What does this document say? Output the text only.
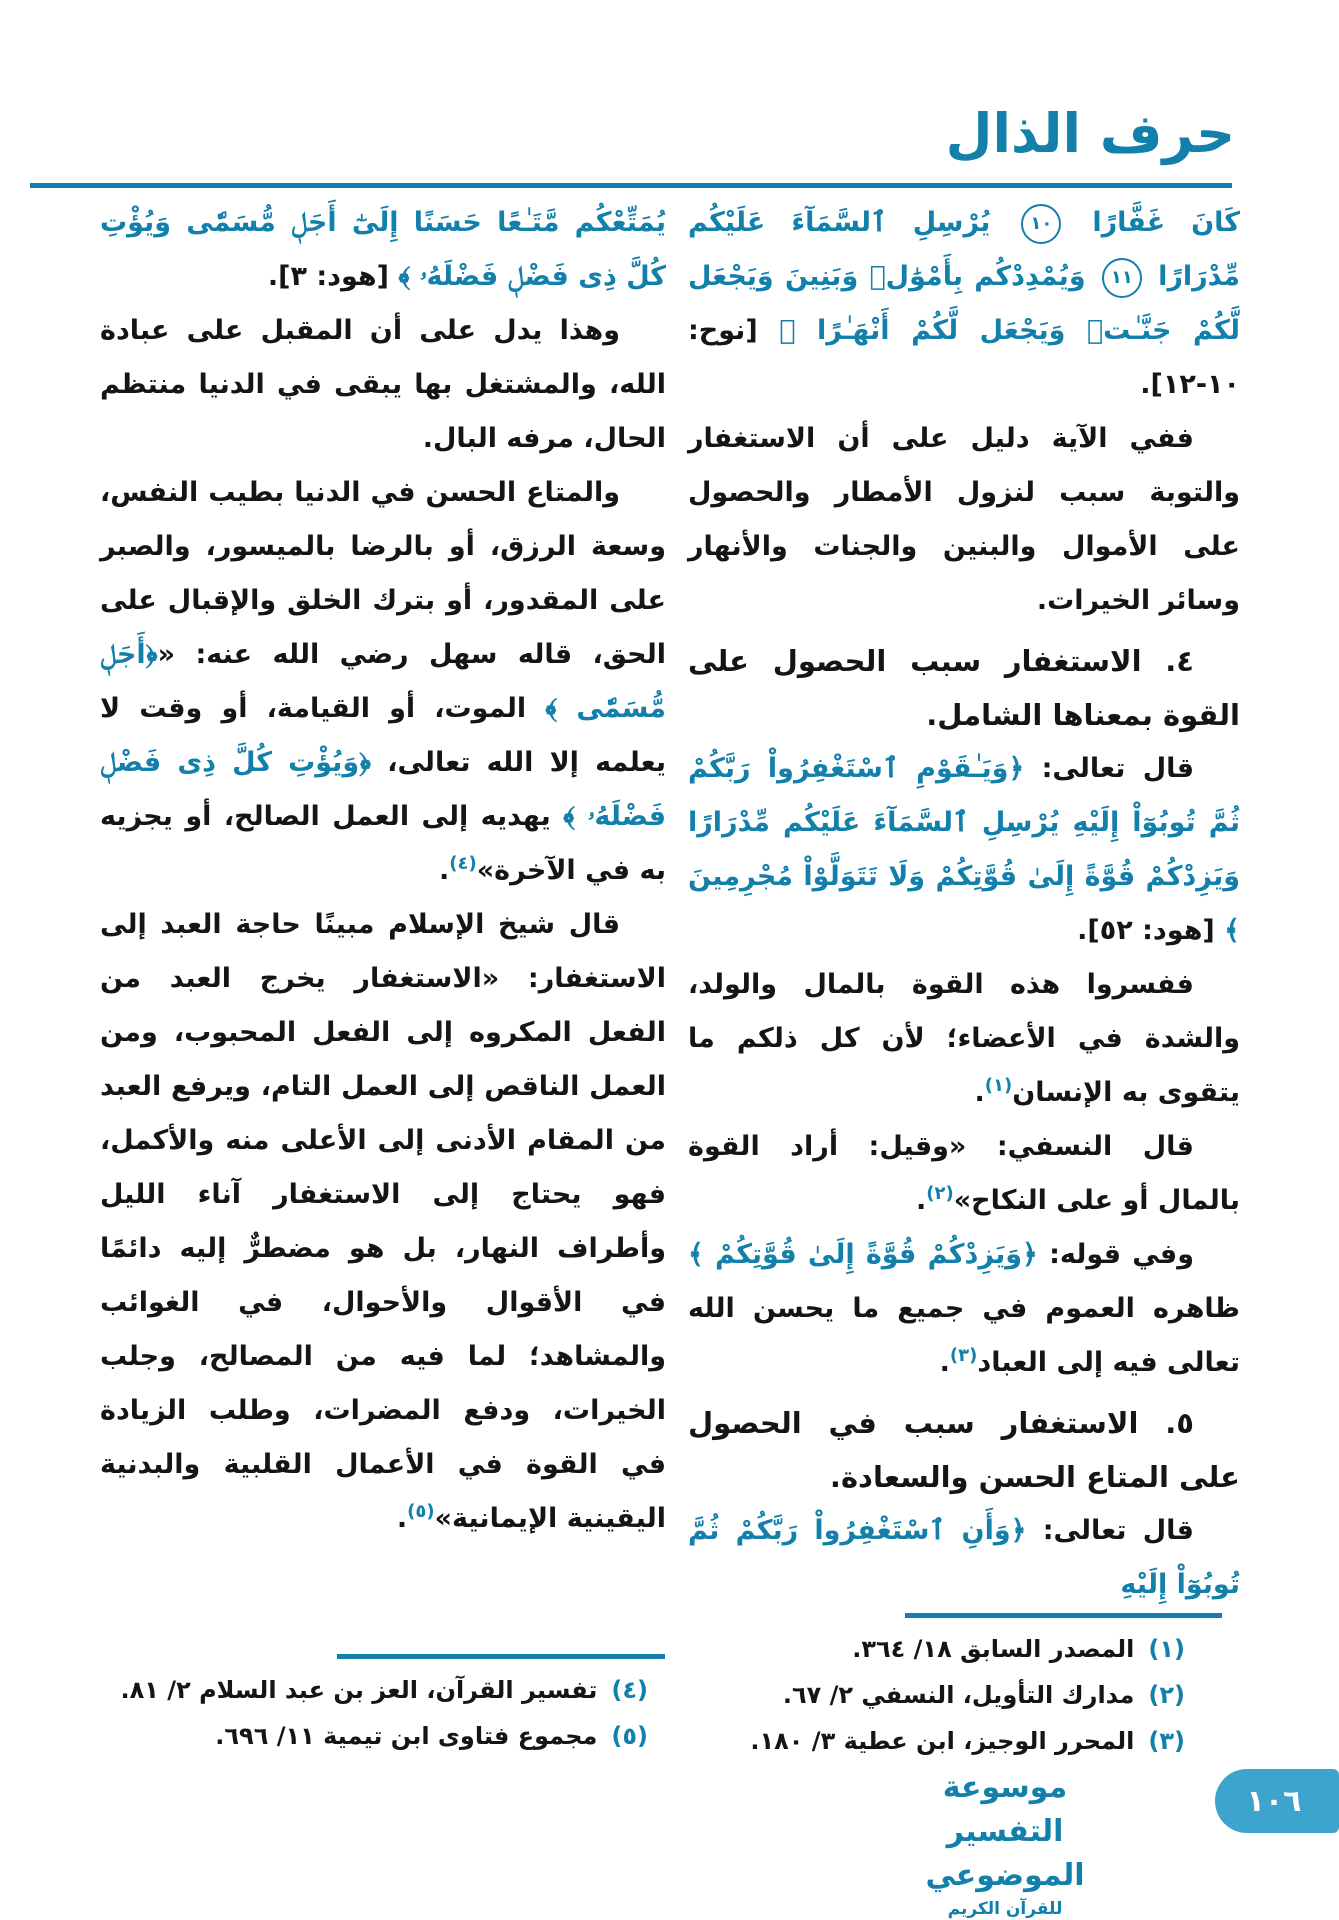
حرف الذال

كَانَ غَفَّارًا ١٠ يُرْسِلِ ٱلسَّمَآءَ عَلَيْكُم مِّدْرَارًا ١١ وَيُمْدِدْكُم بِأَمْوَٰلٖ وَبَنِينَ وَيَجْعَل لَّكُمْ جَنَّـٰتٖ وَيَجْعَل لَّكُمْ أَنْهَـٰرًا ﴾ [نوح: ١٠-١٢].

ففي الآية دليل على أن الاستغفار والتوبة سبب لنزول الأمطار والحصول على الأموال والبنين والجنات والأنهار وسائر الخيرات.

٤. الاستغفار سبب الحصول على القوة بمعناها الشامل.

قال تعالى: ﴿وَيَـٰقَوْمِ ٱسْتَغْفِرُواْ رَبَّكُمْ ثُمَّ تُوبُوٓاْ إِلَيْهِ يُرْسِلِ ٱلسَّمَآءَ عَلَيْكُم مِّدْرَارًا وَيَزِدْكُمْ قُوَّةً إِلَىٰ قُوَّتِكُمْ وَلَا تَتَوَلَّوْاْ مُجْرِمِينَ ﴾ [هود: ٥٢].

ففسروا هذه القوة بالمال والولد، والشدة في الأعضاء؛ لأن كل ذلكم ما يتقوى به الإنسان$^{(١)}$.

قال النسفي: «وقيل: أراد القوة بالمال أو على النكاح»$^{(٢)}$.

وفي قوله: ﴿وَيَزِدْكُمْ قُوَّةً إِلَىٰ قُوَّتِكُمْ ﴾ ظاهره العموم في جميع ما يحسن الله تعالى فيه إلى العباد$^{(٣)}$.

٥. الاستغفار سبب في الحصول على المتاع الحسن والسعادة.

قال تعالى: ﴿وَأَنِ ٱسْتَغْفِرُواْ رَبَّكُمْ ثُمَّ تُوبُوٓاْ إِلَيْهِ

يُمَتِّعْكُم مَّتَـٰعًا حَسَنًا إِلَىٰٓ أَجَلٖ مُّسَمّٗى وَيُؤْتِ كُلَّ ذِى فَضْلٖ فَضْلَهُۥ ﴾ [هود: ٣].

وهذا يدل على أن المقبل على عبادة الله، والمشتغل بها يبقى في الدنيا منتظم الحال، مرفه البال.

والمتاع الحسن في الدنيا بطيب النفس، وسعة الرزق، أو بالرضا بالميسور، والصبر على المقدور، أو بترك الخلق والإقبال على الحق، قاله سهل رضي الله عنه: «﴿أَجَلٖ مُّسَمّٗى ﴾ الموت، أو القيامة، أو وقت لا يعلمه إلا الله تعالى، ﴿وَيُؤْتِ كُلَّ ذِى فَضْلٖ فَضْلَهُۥ ﴾ يهديه إلى العمل الصالح، أو يجزيه به في الآخرة»$^{(٤)}$.

قال شيخ الإسلام مبينًا حاجة العبد إلى الاستغفار: «الاستغفار يخرج العبد من الفعل المكروه إلى الفعل المحبوب، ومن العمل الناقص إلى العمل التام، ويرفع العبد من المقام الأدنى إلى الأعلى منه والأكمل، فهو يحتاج إلى الاستغفار آناء الليل وأطراف النهار، بل هو مضطرٌّ إليه دائمًا في الأقوال والأحوال، في الغوائب والمشاهد؛ لما فيه من المصالح، وجلب الخيرات، ودفع المضرات، وطلب الزيادة في القوة في الأعمال القلبية والبدنية اليقينية الإيمانية»$^{(٥)}$.

(١)المصدر السابق ١٨/ ٣٦٤.
(٢)مدارك التأويل، النسفي ٢/ ٦٧.
(٣)المحرر الوجيز، ابن عطية ٣/ ١٨٠.
(٤)تفسير القرآن، العز بن عبد السلام ٢/ ٨١.
(٥)مجموع فتاوى ابن تيمية ١١/ ٦٩٦.
موسوعة التفسير الموضوعي
للقرآن الكريم
١٠٦
